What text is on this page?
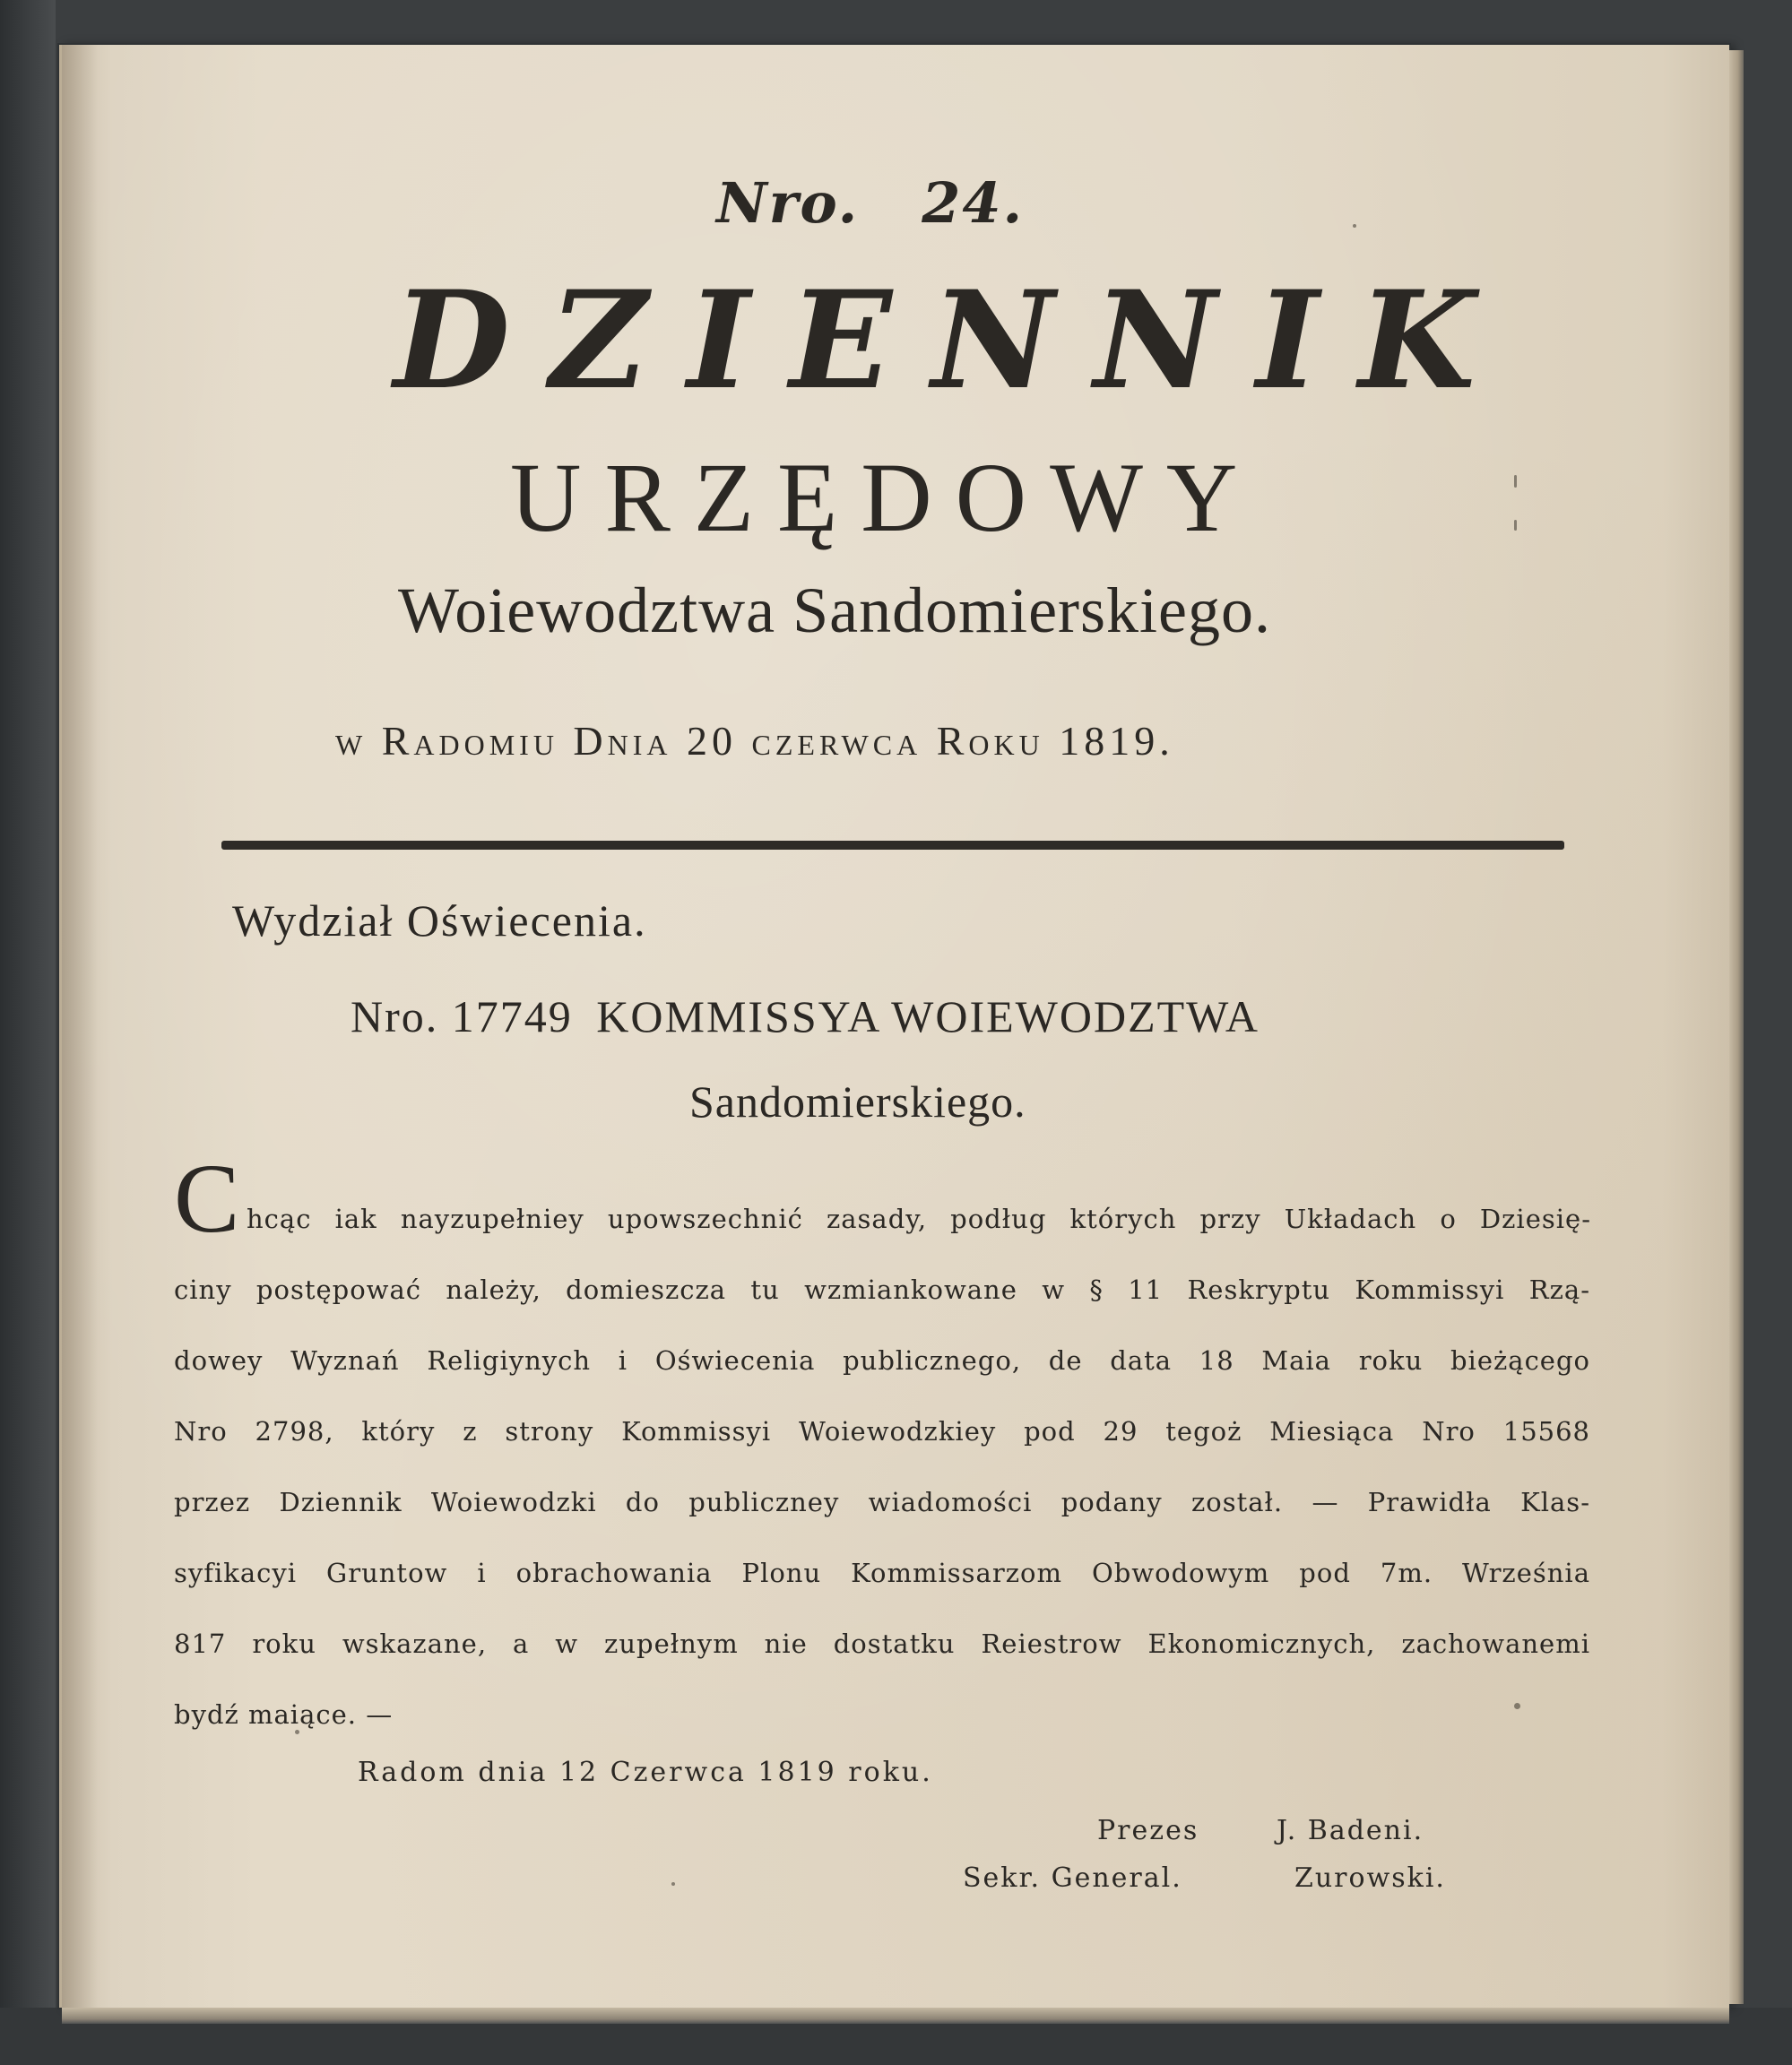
Nro. 24.
DZIENNIK
URZĘDOWY
Woiewodztwa Sandomierskiego.
w Radomiu Dnia 20 czerwca Roku 1819.
Wydział Oświecenia.
Nro. 17749 KOMMISSYA WOIEWODZTWA
Sandomierskiego.
C hcąc iak nayzupełniey upowszechnić zasady, podług których przy Układach o Dziesię-
ciny postępować należy, domieszcza tu wzmiankowane w § 11 Reskryptu Kommissyi Rzą-
dowey Wyznań Religiynych i Oświecenia publicznego, de data 18 Maia roku bieżącego
Nro 2798, który z strony Kommissyi Woiewodzkiey pod 29 tegoż Miesiąca Nro 15568
przez Dziennik Woiewodzki do publiczney wiadomości podany został. — Prawidła Klas-
syfikacyi Gruntow i obrachowania Plonu Kommissarzom Obwodowym pod 7m. Września
817 roku wskazane, a w zupełnym nie dostatku Reiestrow Ekonomicznych, zachowanemi
bydź maiące. —
Radom dnia 12 Czerwca 1819 roku.
Prezes	J. Badeni.
Sekr. General.	Zurowski.
